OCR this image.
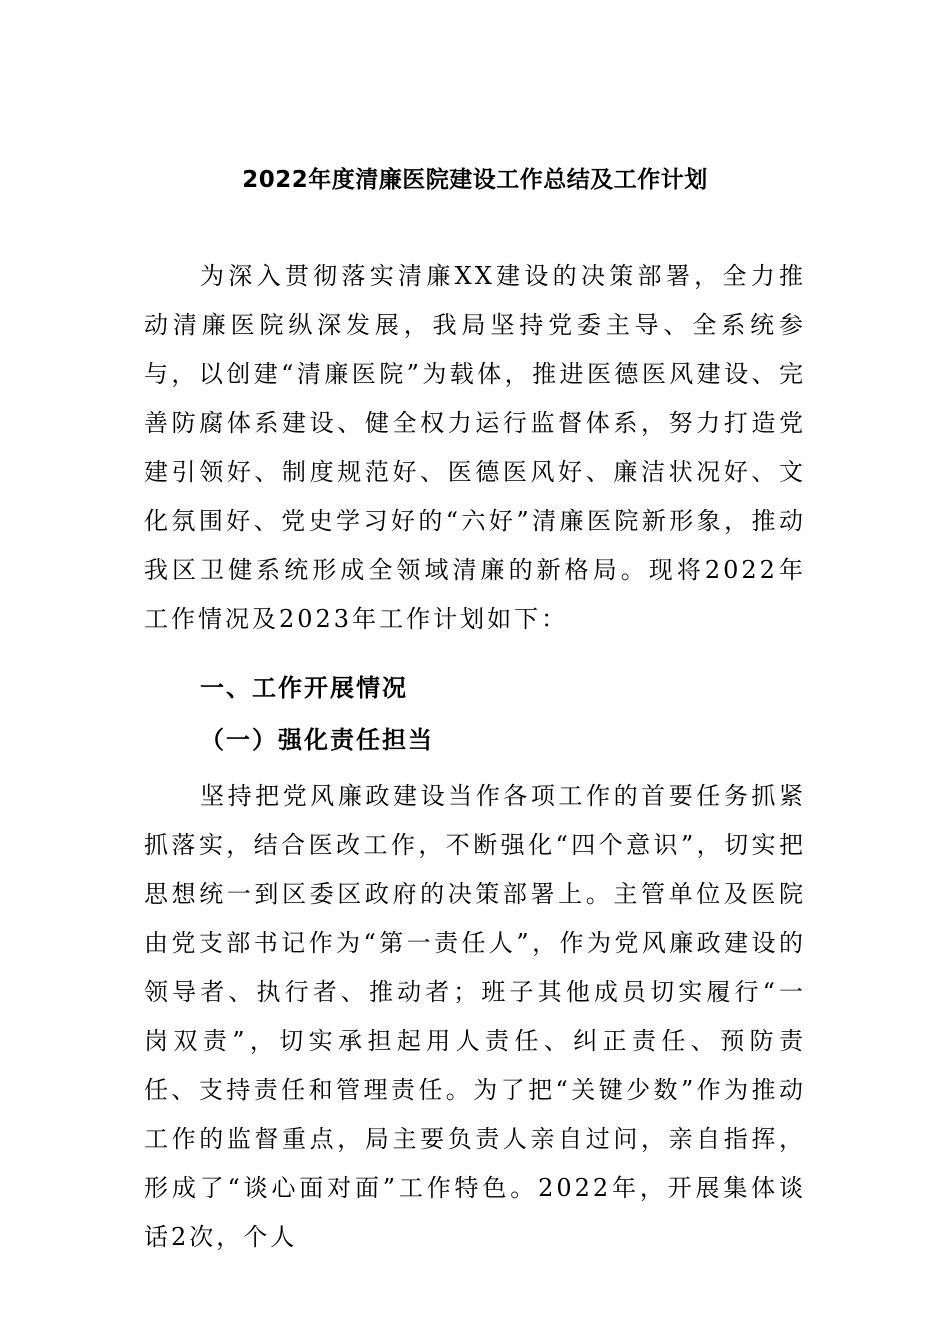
2022年度清廉医院建设工作总结及工作计划

为深入贯彻落实清廉XX建设的决策部署，全力推动清廉医院纵深发展，我局坚持党委主导、全系统参与，以创建“清廉医院”为载体，推进医德医风建设、完善防腐体系建设、健全权力运行监督体系，努力打造党建引领好、制度规范好、医德医风好、廉洁状况好、文化氛围好、党史学习好的“六好”清廉医院新形象，推动我区卫健系统形成全领域清廉的新格局。现将2022年工作情况及2023年工作计划如下：

一、工作开展情况

（一）强化责任担当

坚持把党风廉政建设当作各项工作的首要任务抓紧抓落实，结合医改工作，不断强化“四个意识”，切实把思想统一到区委区政府的决策部署上。主管单位及医院由党支部书记作为“第一责任人”，作为党风廉政建设的领导者、执行者、推动者；班子其他成员切实履行“一岗双责”，切实承担起用人责任、纠正责任、预防责任、支持责任和管理责任。为了把“关键少数”作为推动工作的监督重点，局主要负责人亲自过问，亲自指挥，形成了“谈心面对面”工作特色。2022年，开展集体谈话2次，个人
